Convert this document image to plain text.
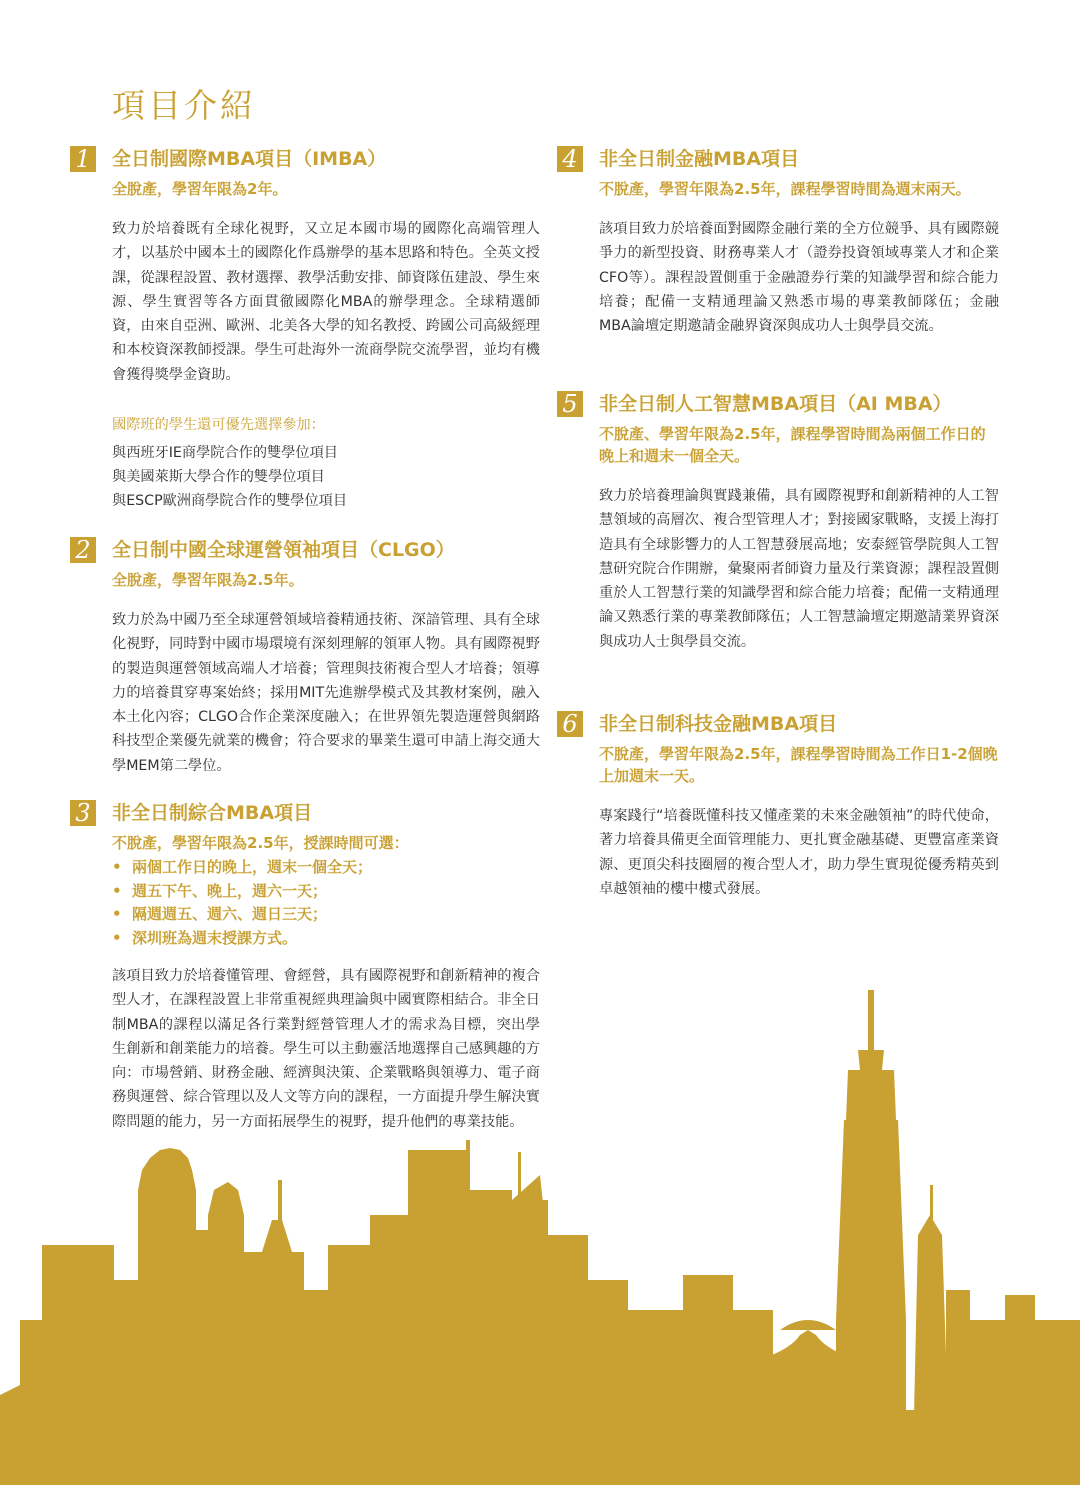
項目介紹
1 全日制國際MBA項目（IMBA）

全脫產，學習年限為2年。

致力於培養既有全球化視野，又立足本國市場的國際化高端管理人才，以基於中國本土的國際化作爲辦學的基本思路和特色。全英文授課，從課程設置、教材選擇、教學活動安排、師資隊伍建設、學生來源、學生實習等各方面貫徹國際化MBA的辦學理念。全球精選師資，由來自亞洲、歐洲、北美各大學的知名教授、跨國公司高級經理和本校資深教師授課。學生可赴海外一流商學院交流學習，並均有機會獲得獎學金資助。

國際班的學生還可優先選擇參加：

與西班牙IE商學院合作的雙學位項目

與美國萊斯大學合作的雙學位項目

與ESCP歐洲商學院合作的雙學位項目

2 全日制中國全球運營領袖項目（CLGO）

全脫產，學習年限為2.5年。

致力於為中國乃至全球運營領域培養精通技術、深諳管理、具有全球化視野，同時對中國市場環境有深刻理解的領軍人物。具有國際視野的製造與運營領域高端人才培養；管理與技術複合型人才培養；領導力的培養貫穿專案始終；採用MIT先進辦學模式及其教材案例，融入本土化內容；CLGO合作企業深度融入；在世界領先製造運營與網路科技型企業優先就業的機會；符合要求的畢業生還可申請上海交通大學MEM第二學位。

3 非全日制綜合MBA項目

不脫產，學習年限為2.5年，授課時間可選：

• 兩個工作日的晚上，週末一個全天；
• 週五下午、晚上，週六一天；
• 隔週週五、週六、週日三天；
• 深圳班為週末授課方式。

該項目致力於培養懂管理、會經營，具有國際視野和創新精神的複合型人才，在課程設置上非常重視經典理論與中國實際相結合。非全日制MBA的課程以滿足各行業對經營管理人才的需求為目標，突出學生創新和創業能力的培養。學生可以主動靈活地選擇自己感興趣的方向：市場營銷、財務金融、經濟與決策、企業戰略與領導力、電子商務與運營、綜合管理以及人文等方向的課程，一方面提升學生解決實際問題的能力，另一方面拓展學生的視野，提升他們的專業技能。

4 非全日制金融MBA項目

不脫產，學習年限為2.5年，課程學習時間為週末兩天。

該項目致力於培養面對國際金融行業的全方位競爭、具有國際競爭力的新型投資、財務專業人才（證券投資領域專業人才和企業CFO等）。課程設置側重于金融證券行業的知識學習和綜合能力培養；配備一支精通理論又熟悉市場的專業教師隊伍；金融MBA論壇定期邀請金融界資深與成功人士與學員交流。

5 非全日制人工智慧MBA項目（AI MBA）

不脫產、學習年限為2.5年，課程學習時間為兩個工作日的晚上和週末一個全天。

致力於培養理論與實踐兼備，具有國際視野和創新精神的人工智慧領域的高層次、複合型管理人才；對接國家戰略，支援上海打造具有全球影響力的人工智慧發展高地；安泰經管學院與人工智慧研究院合作開辦，彙聚兩者師資力量及行業資源；課程設置側重於人工智慧行業的知識學習和綜合能力培養；配備一支精通理論又熟悉行業的專業教師隊伍；人工智慧論壇定期邀請業界資深與成功人士與學員交流。

6 非全日制科技金融MBA項目

不脫產，學習年限為2.5年，課程學習時間為工作日1-2個晚上加週末一天。

專案踐行“培養既懂科技又懂產業的未來金融領袖”的時代使命，著力培養具備更全面管理能力、更扎實金融基礎、更豐富產業資源、更頂尖科技圈層的複合型人才，助力學生實現從優秀精英到卓越領袖的樓中樓式發展。
